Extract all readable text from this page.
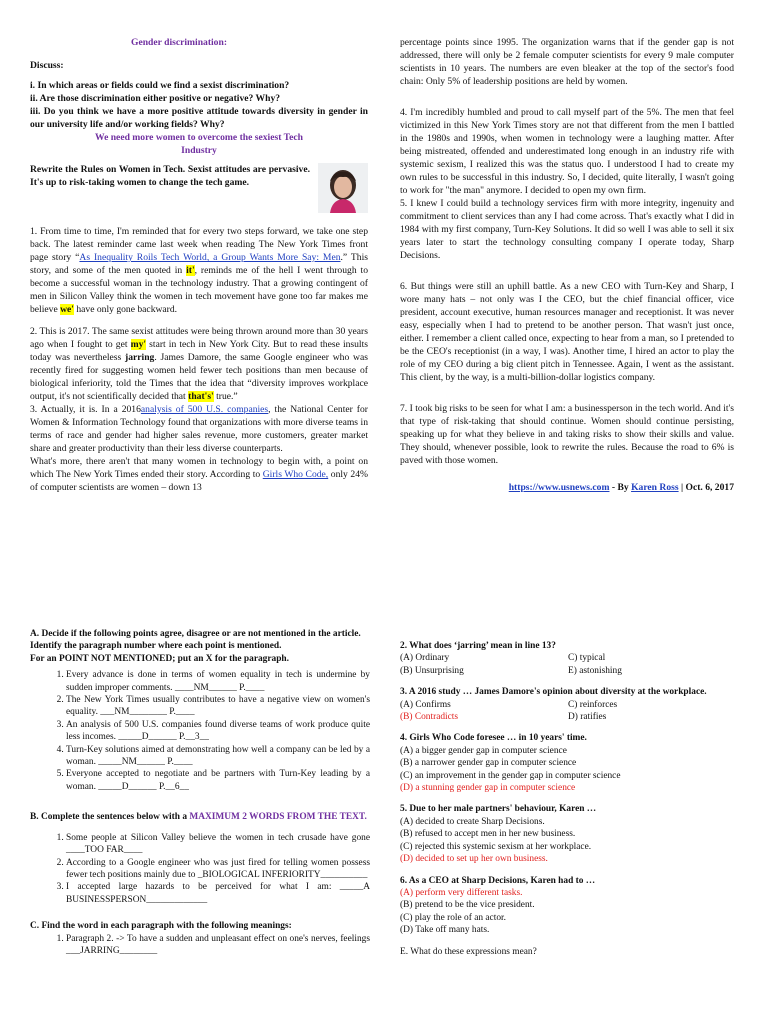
Gender discrimination:
Discuss:
i. In which areas or fields could we find a sexist discrimination?
ii. Are those discrimination either positive or negative? Why?
iii. Do you think we have a more positive attitude towards diversity in gender in our university life and/or working fields? Why?
We need more women to overcome the sexiest Tech
Industry

Rewrite the Rules on Women in Tech. Sexist attitudes are pervasive. It's up to risk-taking women to change the tech game.

1. From time to time, I'm reminded that for every two steps forward, we take one step back. The latest reminder came last week when reading The New York Times front page story “As Inequality Roils Tech World, a Group Wants More Say: Men.” This story, and some of the men quoted in it', reminds me of the hell I went through to become a successful woman in the technology industry. That a growing contingent of men in Silicon Valley think the women in tech movement have gone too far makes me believe we' have only gone backward.

2. This is 2017. The same sexist attitudes were being thrown around more than 30 years ago when I fought to get my' start in tech in New York City. But to read these insults today was nevertheless jarring. James Damore, the same Google engineer who was recently fired for suggesting women held fewer tech positions than men because of biological inferiority, told the Times that the idea that “diversity improves workplace output, it's not scientifically decided that that's' true.”

3. Actually, it is. In a 2016analysis of 500 U.S. companies, the National Center for Women & Information Technology found that organizations with more diverse teams in terms of race and gender had higher sales revenue, more customers, greater market share and greater productivity than their less diverse counterparts.

What's more, there aren't that many women in technology to begin with, a point on which The New York Times ended their story. According to Girls Who Code, only 24% of computer scientists are women – down 13

percentage points since 1995. The organization warns that if the gender gap is not addressed, there will only be 2 female computer scientists for every 9 male computer scientists in 10 years. The numbers are even bleaker at the top of the sector's food chain: Only 5% of leadership positions are held by women.

4. I'm incredibly humbled and proud to call myself part of the 5%. The men that feel victimized in this New York Times story are not that different from the men I battled in the 1980s and 1990s, when women in technology were a laughing matter. After being mistreated, offended and underestimated long enough in an industry rife with systemic sexism, I realized this was the status quo. I understood I had to create my own rules to be successful in this industry. So, I decided, quite literally, I wasn't going to work for "the man" anymore. I decided to open my own firm.

5. I knew I could build a technology services firm with more integrity, ingenuity and commitment to client services than any I had come across. That's exactly what I did in 1984 with my first company, Turn-Key Solutions. It did so well I was able to sell it six years later to start the technology consulting company I operate today, Sharp Decisions.

6. But things were still an uphill battle. As a new CEO with Turn-Key and Sharp, I wore many hats – not only was I the CEO, but the chief financial officer, vice president, account executive, human resources manager and receptionist. It was never easy, especially when I had to pretend to be another person. That wasn't just once, either. I remember a client called once, expecting to hear from a man, so I pretended to be the CEO's receptionist (in a way, I was). Another time, I hired an actor to play the role of my CEO during a big client pitch in Tennessee. Again, I went as the assistant. This client, by the way, is a multi-billion-dollar logistics company.

7. I took big risks to be seen for what I am: a businessperson in the tech world. And it's that type of risk-taking that should continue. Women should continue persisting, speaking up for what they believe in and taking risks to show their skills and value. They should, whenever possible, look to rewrite the rules. Because the road to 6% is paved with those women.

https://www.usnews.com - By Karen Ross | Oct. 6, 2017
A. Decide if the following points agree, disagree or are not mentioned in the article.
Identify the paragraph number where each point is mentioned.
For an POINT NOT MENTIONED; put an X for the paragraph.
1. Every advance is done in terms of women equality in tech is undermine by sudden improper comments. ____NM______ P.____
2. The New York Times usually contributes to have a negative view on women's equality. ___NM________ P.____
3. An analysis of 500 U.S. companies found diverse teams of work produce quite less incomes. _____D______ P.__3__
4. Turn-Key solutions aimed at demonstrating how well a company can be led by a woman. _____NM______ P.____
5. Everyone accepted to negotiate and be partners with Turn-Key leading by a woman. _____D______ P.__6__
B. Complete the sentences below with a MAXIMUM 2 WORDS FROM THE TEXT.
1. Some people at Silicon Valley believe the women in tech crusade have gone ____TOO FAR____
2. According to a Google engineer who was just fired for telling women possess fewer tech positions mainly due to _BIOLOGICAL INFERIORITY__________
3. I accepted large hazards to be perceived for what I am: _____A BUSINESSPERSON_____________
C. Find the word in each paragraph with the following meanings:
1. Paragraph 2. -> To have a sudden and unpleasant effect on one's nerves, feelings ___JARRING________
2. What does ‘jarring’ mean in line 13?
(A) Ordinary	C) typical
(B) Unsurprising	E) astonishing
3. A 2016 study … James Damore's opinion about diversity at the workplace.
(A) Confirms	C) reinforces
(B) Contradicts	D) ratifies
4. Girls Who Code foresee … in 10 years' time.
(A) a bigger gender gap in computer science
(B) a narrower gender gap in computer science
(C) an improvement in the gender gap in computer science
(D) a stunning gender gap in computer science
5. Due to her male partners' behaviour, Karen …
(A) decided to create Sharp Decisions.
(B) refused to accept men in her new business.
(C) rejected this systemic sexism at her workplace.
(D) decided to set up her own business.
6. As a CEO at Sharp Decisions, Karen had to …
(A) perform very different tasks.
(B) pretend to be the vice president.
(C) play the role of an actor.
(D) Take off many hats.
E. What do these expressions mean?
